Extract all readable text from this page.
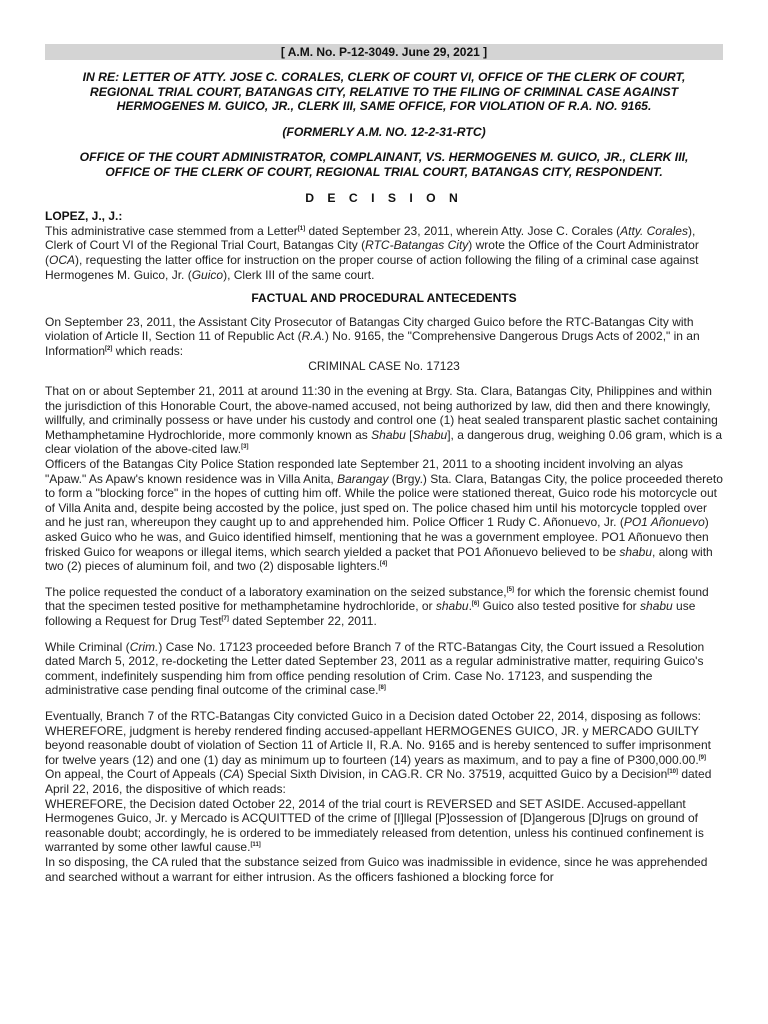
[ A.M. No. P-12-3049. June 29, 2021 ]

IN RE: LETTER OF ATTY. JOSE C. CORALES, CLERK OF COURT VI, OFFICE OF THE CLERK OF COURT,

REGIONAL TRIAL COURT, BATANGAS CITY, RELATIVE TO THE FILING OF CRIMINAL CASE AGAINST

HERMOGENES M. GUICO, JR., CLERK III, SAME OFFICE, FOR VIOLATION OF R.A. NO. 9165.

(FORMERLY A.M. NO. 12-2-31-RTC)

OFFICE OF THE COURT ADMINISTRATOR, COMPLAINANT, VS. HERMOGENES M. GUICO, JR., CLERK III,

OFFICE OF THE CLERK OF COURT, REGIONAL TRIAL COURT, BATANGAS CITY, RESPONDENT.

D E C I S I O N
LOPEZ, J., J.:

This administrative case stemmed from a Letter[1] dated September 23, 2011, wherein Atty. Jose C. Corales (Atty. Corales), Clerk of Court VI of the Regional Trial Court, Batangas City (RTC-Batangas City) wrote the Office of the Court Administrator (OCA), requesting the latter office for instruction on the proper course of action following the filing of a criminal case against Hermogenes M. Guico, Jr. (Guico), Clerk III of the same court.

FACTUAL AND PROCEDURAL ANTECEDENTS

On September 23, 2011, the Assistant City Prosecutor of Batangas City charged Guico before the RTC-Batangas City with violation of Article II, Section 11 of Republic Act (R.A.) No. 9165, the "Comprehensive Dangerous Drugs Acts of 2002," in an Information[2] which reads:

CRIMINAL CASE No. 17123

That on or about September 21, 2011 at around 11:30 in the evening at Brgy. Sta. Clara, Batangas City, Philippines and within the jurisdiction of this Honorable Court, the above-named accused, not being authorized by law, did then and there knowingly, willfully, and criminally possess or have under his custody and control one (1) heat sealed transparent plastic sachet containing Methamphetamine Hydrochloride, more commonly known as Shabu [Shabu], a dangerous drug, weighing 0.06 gram, which is a clear violation of the above-cited law.[3]

Officers of the Batangas City Police Station responded late September 21, 2011 to a shooting incident involving an alyas "Apaw." As Apaw's known residence was in Villa Anita, Barangay (Brgy.) Sta. Clara, Batangas City, the police proceeded thereto to form a "blocking force" in the hopes of cutting him off. While the police were stationed thereat, Guico rode his motorcycle out of Villa Anita and, despite being accosted by the police, just sped on. The police chased him until his motorcycle toppled over and he just ran, whereupon they caught up to and apprehended him. Police Officer 1 Rudy C. Añonuevo, Jr. (PO1 Añonuevo) asked Guico who he was, and Guico identified himself, mentioning that he was a government employee. PO1 Añonuevo then frisked Guico for weapons or illegal items, which search yielded a packet that PO1 Añonuevo believed to be shabu, along with two (2) pieces of aluminum foil, and two (2) disposable lighters.[4]

The police requested the conduct of a laboratory examination on the seized substance,[5] for which the forensic chemist found that the specimen tested positive for methamphetamine hydrochloride, or shabu.[6] Guico also tested positive for shabu use following a Request for Drug Test[7] dated September 22, 2011.

While Criminal (Crim.) Case No. 17123 proceeded before Branch 7 of the RTC-Batangas City, the Court issued a Resolution dated March 5, 2012, re-docketing the Letter dated September 23, 2011 as a regular administrative matter, requiring Guico's comment, indefinitely suspending him from office pending resolution of Crim. Case No. 17123, and suspending the administrative case pending final outcome of the criminal case.[8]

Eventually, Branch 7 of the RTC-Batangas City convicted Guico in a Decision dated October 22, 2014, disposing as follows:

WHEREFORE, judgment is hereby rendered finding accused-appellant HERMOGENES GUICO, JR. y MERCADO GUILTY beyond reasonable doubt of violation of Section 11 of Article II, R.A. No. 9165 and is hereby sentenced to suffer imprisonment for twelve years (12) and one (1) day as minimum up to fourteen (14) years as maximum, and to pay a fine of P300,000.00.[9]

On appeal, the Court of Appeals (CA) Special Sixth Division, in CAG.R. CR No. 37519, acquitted Guico by a Decision[10] dated April 22, 2016, the dispositive of which reads:

WHEREFORE, the Decision dated October 22, 2014 of the trial court is REVERSED and SET ASIDE. Accused-appellant Hermogenes Guico, Jr. y Mercado is ACQUITTED of the crime of [I]llegal [P]ossession of [D]angerous [D]rugs on ground of reasonable doubt; accordingly, he is ordered to be immediately released from detention, unless his continued confinement is warranted by some other lawful cause.[11]

In so disposing, the CA ruled that the substance seized from Guico was inadmissible in evidence, since he was apprehended and searched without a warrant for either intrusion. As the officers fashioned a blocking force for
